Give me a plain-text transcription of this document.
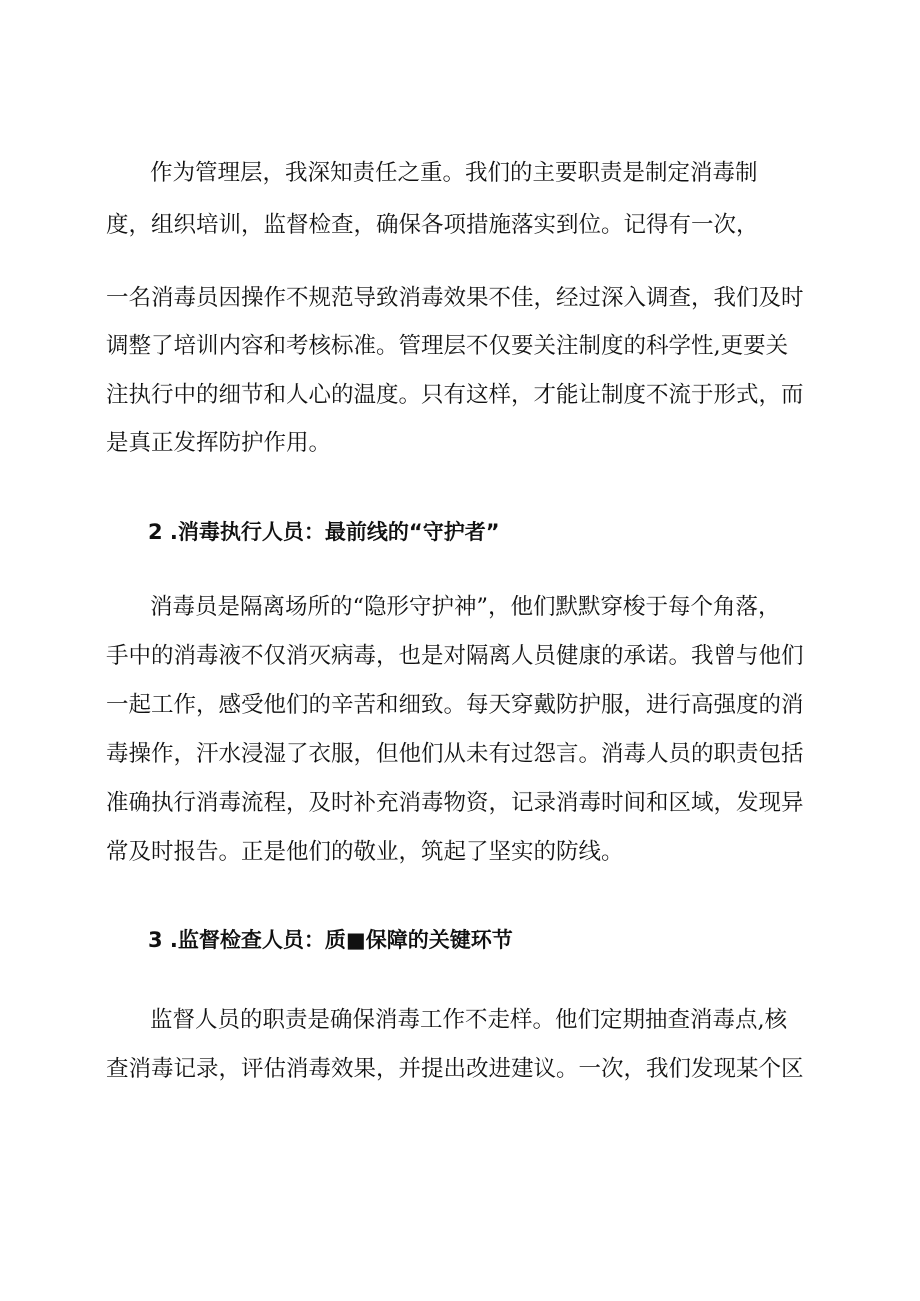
作为管理层，我深知责任之重。我们的主要职责是制定消毒制
度，组织培训，监督检查，确保各项措施落实到位。记得有一次，
一名消毒员因操作不规范导致消毒效果不佳，经过深入调查，我们及时
调整了培训内容和考核标准。管理层不仅要关注制度的科学性,更要关
注执行中的细节和人心的温度。只有这样，才能让制度不流于形式，而
是真正发挥防护作用。
2 .消毒执行人员：最前线的“守护者”
消毒员是隔离场所的“隐形守护神”，他们默默穿梭于每个角落，
手中的消毒液不仅消灭病毒，也是对隔离人员健康的承诺。我曾与他们
一起工作，感受他们的辛苦和细致。每天穿戴防护服，进行高强度的消
毒操作，汗水浸湿了衣服，但他们从未有过怨言。消毒人员的职责包括
准确执行消毒流程，及时补充消毒物资，记录消毒时间和区域，发现异
常及时报告。正是他们的敬业，筑起了坚实的防线。
3 .监督检查人员：质■保障的关键环节
监督人员的职责是确保消毒工作不走样。他们定期抽查消毒点,核
查消毒记录，评估消毒效果，并提出改进建议。一次，我们发现某个区
